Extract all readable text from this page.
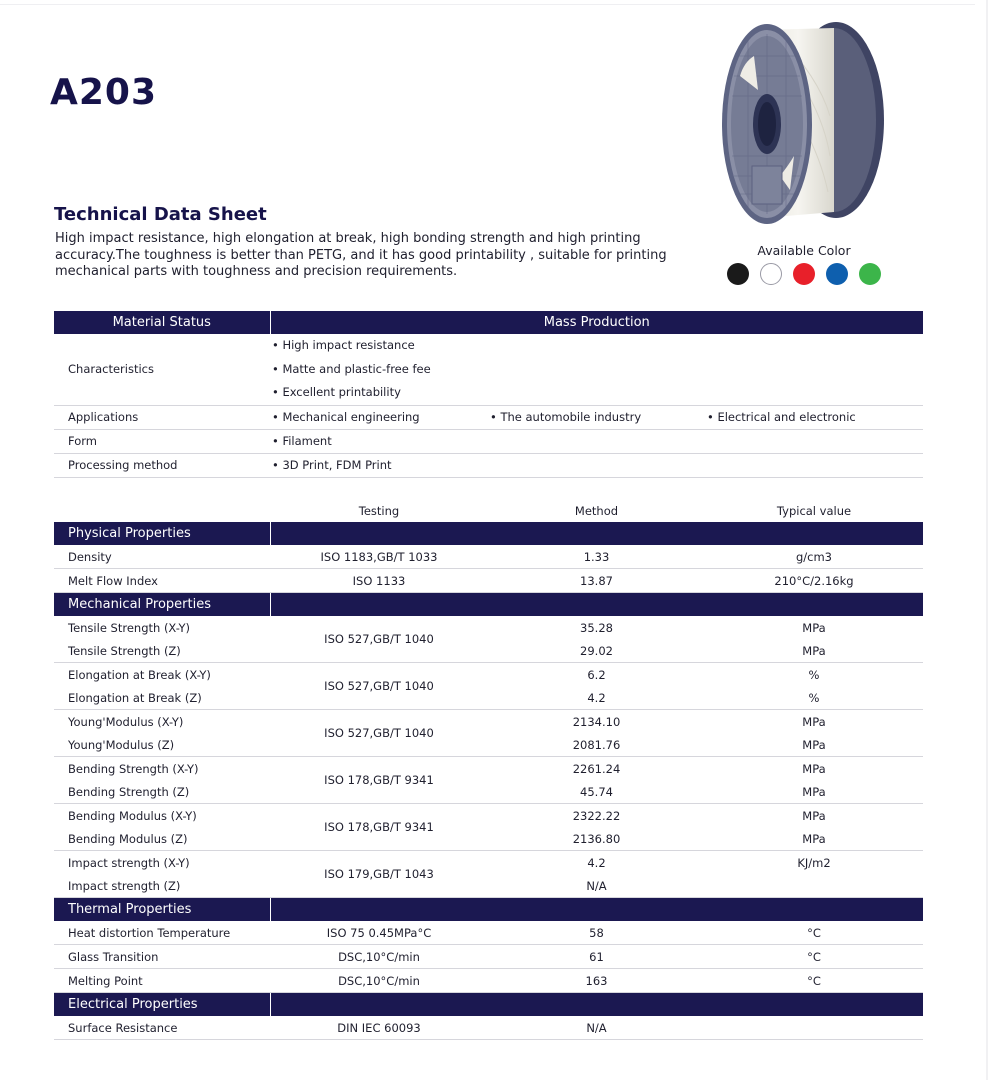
A203
Technical Data Sheet

High impact resistance, high elongation at break, high bonding strength and high printing accuracy.The toughness is better than PETG, and it has good printability , suitable for printing mechanical parts with toughness and precision requirements.

Available Color
Material Status	Mass Production		
Characteristics	• High impact resistance
• Matte and plastic-free fee
• Excellent printability		

Applications	• Mechanical engineering	• The automobile industry	• Electrical and electronic
Form	• Filament		
Processing method	• 3D Print, FDM Print		
	Testing	Method	Typical value
Physical Properties			
Density	ISO 1183,GB/T 1033	1.33	g/cm3
Melt Flow Index	ISO 1133	13.87	210°C/2.16kg
Mechanical Properties			
Tensile Strength (X-Y)	ISO 527,GB/T 1040	35.28	MPa
Tensile Strength (Z)		29.02	MPa
Elongation at Break (X-Y)	ISO 527,GB/T 1040	6.2	%
Elongation at Break (Z)		4.2	%
Young'Modulus (X-Y)	ISO 527,GB/T 1040	2134.10	MPa
Young'Modulus (Z)		2081.76	MPa
Bending Strength (X-Y)	ISO 178,GB/T 9341	2261.24	MPa
Bending Strength (Z)		45.74	MPa
Bending Modulus (X-Y)	ISO 178,GB/T 9341	2322.22	MPa
Bending Modulus (Z)		2136.80	MPa
Impact strength (X-Y)	ISO 179,GB/T 1043	4.2	KJ/m2
Impact strength (Z)		N/A	
Thermal Properties			
Heat distortion Temperature	ISO 75 0.45MPa°C	58	°C
Glass Transition	DSC,10°C/min	61	°C
Melting Point	DSC,10°C/min	163	°C
Electrical Properties			
Surface Resistance	DIN IEC 60093	N/A	
